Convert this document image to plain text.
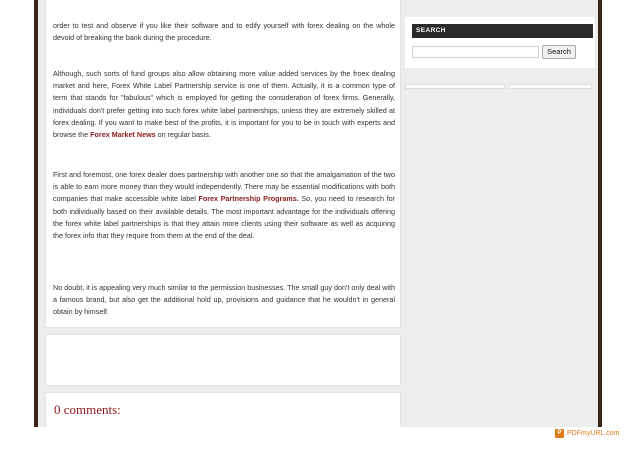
order to test and observe if you like their software and to edify yourself with forex dealing on the whole devoid of breaking the bank during the procedure.

Although, such sorts of fund groups also allow obtaining more value added services by the froex dealing market and here, Forex White Label Partnership service is one of them. Actually, it is a common type of term that stands for "fabulous" which is employed for getting the consideration of forex firms. Generally, individuals don't prefer getting into such forex white label partnerships, unless they are extremely skilled at forex dealing. If you want to make best of the profits, it is important for you to be in touch with experts and browse the Forex Market News on regular basis.

First and foremost, one forex dealer does partnership with another one so that the amalgamation of the two is able to earn more money than they would independently. There may be essential modifications with both companies that make accessible white label Forex Partnership Programs. So, you need to research for both individually based on their available details. The most important advantage for the individuals offering the forex white label partnerships is that they attain more clients using their software as well as acquiring the forex info that they require from them at the end of the deal.

No doubt, it is appealing very much similar to the permission businesses. The small guy don't only deal with a famous brand, but also get the additional hold up, provisions and guidance that he wouldn't in general obtain by himself.

0 comments:
SEARCH
Search
P PDFmyURL.com
